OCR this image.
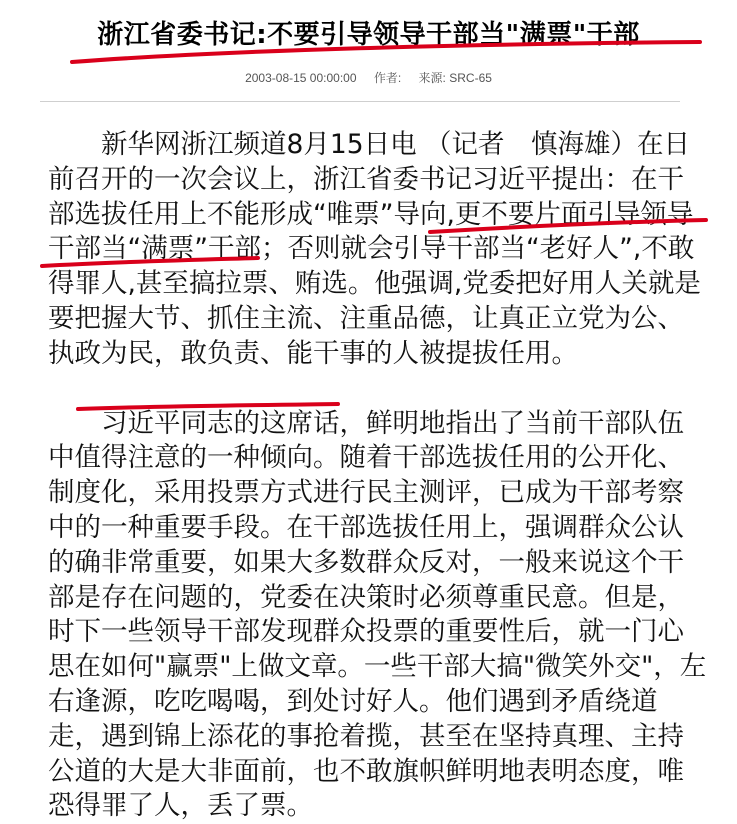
浙江省委书记:不要引导领导干部当"满票"干部
2003-08-15 00:00:00 作者: 来源: SRC-65

新华网浙江频道8月15日电 （记者　慎海雄）在日
前召开的一次会议上，浙江省委书记习近平提出：在干
部选拔任用上不能形成“唯票”导向,更不要片面引导领导
干部当“满票”干部；否则就会引导干部当“老好人”,不敢
得罪人,甚至搞拉票、贿选。他强调,党委把好用人关就是
要把握大节、抓住主流、注重品德，让真正立党为公、
执政为民，敢负责、能干事的人被提拔任用。

习近平同志的这席话，鲜明地指出了当前干部队伍
中值得注意的一种倾向。随着干部选拔任用的公开化、
制度化，采用投票方式进行民主测评，已成为干部考察
中的一种重要手段。在干部选拔任用上，强调群众公认
的确非常重要，如果大多数群众反对，一般来说这个干
部是存在问题的，党委在决策时必须尊重民意。但是，
时下一些领导干部发现群众投票的重要性后，就一门心
思在如何"赢票"上做文章。一些干部大搞"微笑外交"，左
右逢源，吃吃喝喝，到处讨好人。他们遇到矛盾绕道
走，遇到锦上添花的事抢着揽，甚至在坚持真理、主持
公道的大是大非面前，也不敢旗帜鲜明地表明态度，唯
恐得罪了人，丢了票。
